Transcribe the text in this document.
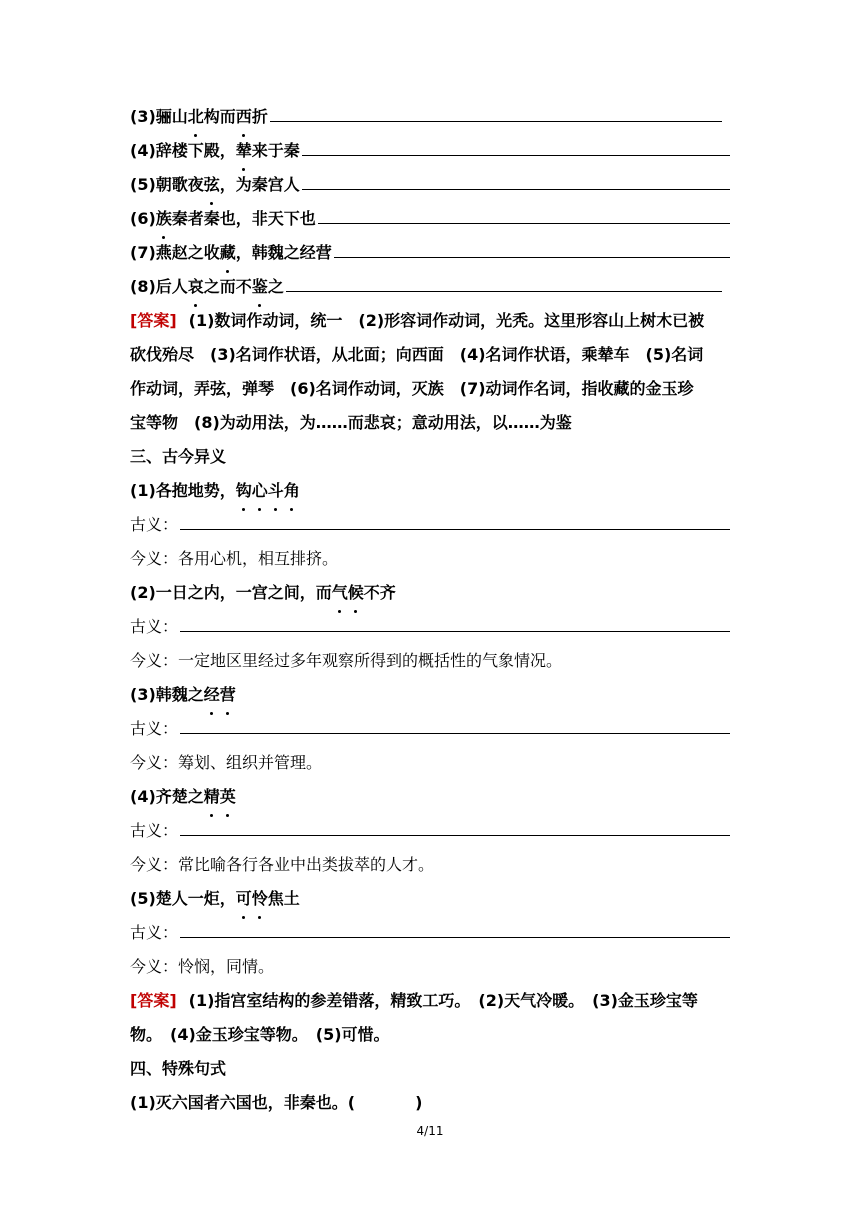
(3)骊山 北 构而 西 折
(4)辞楼下殿， 辇 来于秦
(5)朝歌夜 弦 ，为秦宫人
(6) 族 秦者秦也，非天下也
(7)燕赵之收 藏 ，韩魏之经营
(8)后人 哀 之而不 鉴 之
[答案] (1)数词作动词，统一　(2)形容词作动词，光秃。这里形容山上树木已被
砍伐殆尽　(3)名词作状语，从北面；向西面　(4)名词作状语，乘辇车　(5)名词
作动词，弄弦，弹琴　(6)名词作动词，灭族　(7)动词作名词，指收藏的金玉珍
宝等物　(8)为动用法，为……而悲哀；意动用法，以……为鉴
三、古今异义
(1)各抱地势， 钩心斗角
古义：
今义：各用心机，相互排挤。
(2)一日之内，一宫之间，而 气候 不齐
古义：
今义：一定地区里经过多年观察所得到的概括性的气象情况。
(3)韩魏之 经营
古义：
今义：筹划、组织并管理。
(4)齐楚之 精英
古义：
今义：常比喻各行各业中出类拔萃的人才。
(5)楚人一炬， 可怜 焦土
古义：
今义：怜悯，同情。
[答案] (1)指宫室结构的参差错落，精致工巧。　(2)天气冷暖。　(3)金玉珍宝等
物。　(4)金玉珍宝等物。　(5)可惜。
四、特殊句式
(1)灭六国者六国也，非秦也。(	)
4/11
